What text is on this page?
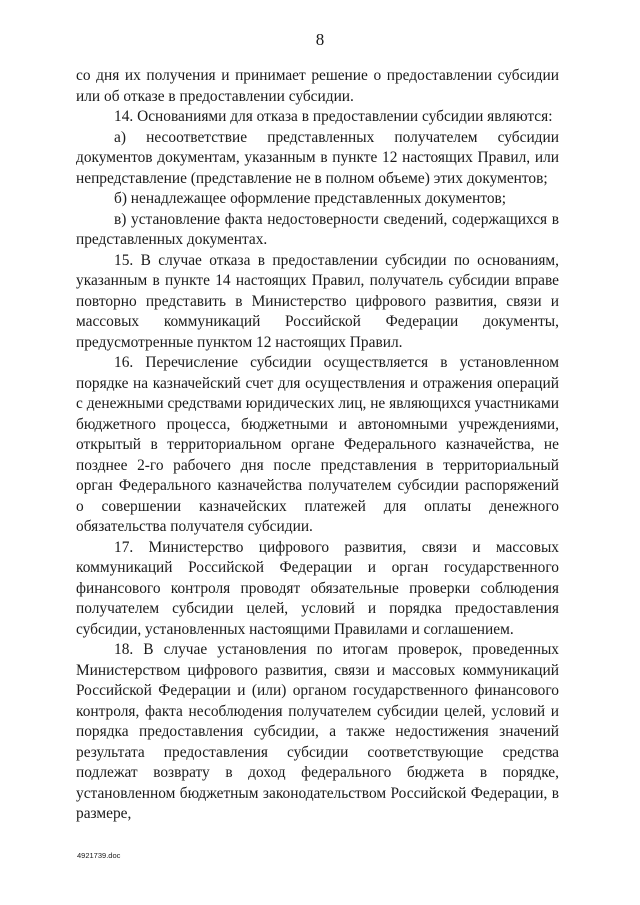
8

со дня их получения и принимает решение о предоставлении субсидии или об отказе в предоставлении субсидии.

14. Основаниями для отказа в предоставлении субсидии являются:

а) несоответствие представленных получателем субсидии документов документам, указанным в пункте 12 настоящих Правил, или непредставление (представление не в полном объеме) этих документов;

б) ненадлежащее оформление представленных документов;

в) установление факта недостоверности сведений, содержащихся в представленных документах.

15. В случае отказа в предоставлении субсидии по основаниям, указанным в пункте 14 настоящих Правил, получатель субсидии вправе повторно представить в Министерство цифрового развития, связи и массовых коммуникаций Российской Федерации документы, предусмотренные пунктом 12 настоящих Правил.

16. Перечисление субсидии осуществляется в установленном порядке на казначейский счет для осуществления и отражения операций с денежными средствами юридических лиц, не являющихся участниками бюджетного процесса, бюджетными и автономными учреждениями, открытый в территориальном органе Федерального казначейства, не позднее 2-го рабочего дня после представления в территориальный орган Федерального казначейства получателем субсидии распоряжений о совершении казначейских платежей для оплаты денежного обязательства получателя субсидии.

17. Министерство цифрового развития, связи и массовых коммуникаций Российской Федерации и орган государственного финансового контроля проводят обязательные проверки соблюдения получателем субсидии целей, условий и порядка предоставления субсидии, установленных настоящими Правилами и соглашением.

18. В случае установления по итогам проверок, проведенных Министерством цифрового развития, связи и массовых коммуникаций Российской Федерации и (или) органом государственного финансового контроля, факта несоблюдения получателем субсидии целей, условий и порядка предоставления субсидии, а также недостижения значений результата предоставления субсидии соответствующие средства подлежат возврату в доход федерального бюджета в порядке, установленном бюджетным законодательством Российской Федерации, в размере,

4921739.doc
